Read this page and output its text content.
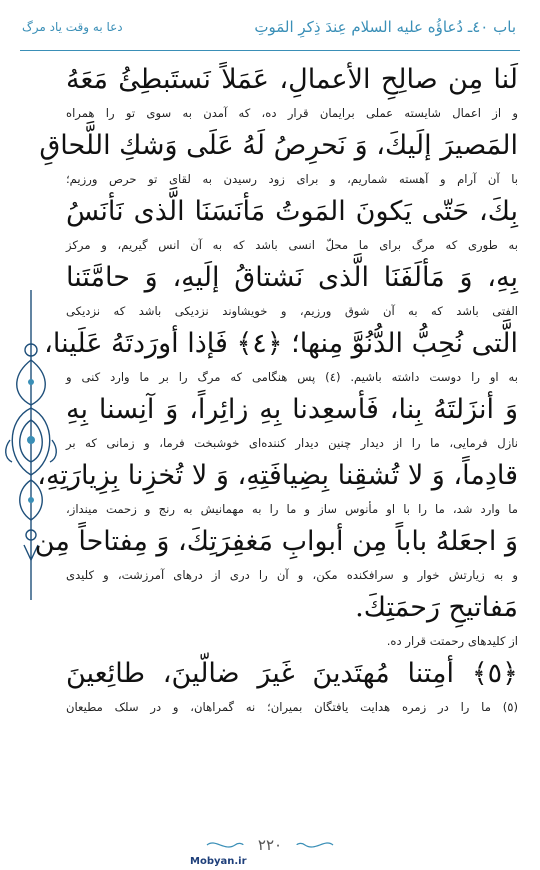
باب ٤٠ـ دُعاؤُه عليه السلام عِندَ ذِكرِ المَوتِ
دعا به وقت یاد مرگ
لَنا مِن صالِحِ الأعمالِ، عَمَلاً نَستَبطِئُ مَعَهُ
و از اعمال شایسته عملی برایمان قرار ده، که آمدن به سوی تو را همراه
المَصيرَ إلَيكَ، وَ نَحرِصُ لَهُ عَلَى وَشكِ اللَّحاقِ
با آن آرام و آهسته شماریم، و برای زود رسیدن به لقای تو حرص ورزیم؛
بِكَ، حَتّى يَكونَ المَوتُ مَأنَسَنَا الَّذى نَأنَسُ
به طوری که مرگ برای ما محلّ انسی باشد که به آن انس گیریم، و مرکز
بِهِ، وَ مَألَفَنَا الَّذى نَشتاقُ إلَيهِ، وَ حامَّتَنا
الفتی باشد که به آن شوق ورزیم، و خویشاوند نزدیکی باشد که نزدیکی
الَّتى نُحِبُّ الدُّنُوَّ مِنها؛ ﴿٤﴾ فَإذا أورَدتَهُ عَلَينا،
به او را دوست داشته باشیم. (٤) پس هنگامی که مرگ را بر ما وارد کنی و
وَ أنزَلتَهُ بِنا، فَأسعِدنا بِهِ زائِراً، وَ آنِسنا بِهِ
نازل فرمایی، ما را از دیدار چنین دیدار کننده‌ای خوشبخت فرما، و زمانی که بر
قادِماً، وَ لا تُشقِنا بِضِيافَتِهِ، وَ لا تُخزِنا بِزِيارَتِهِ،
ما وارد شد، ما را با او مأنوس ساز و ما را به مهمانیش به رنج و زحمت مینداز،
وَ اجعَلهُ باباً مِن أبوابِ مَغفِرَتِكَ، وَ مِفتاحاً مِن
و به زیارتش خوار و سرافکنده مکن، و آن را دری از درهای آمرزشت، و کلیدی
مَفاتيحِ رَحمَتِكَ.
از کلیدهای رحمتت قرار ده.
﴿٥﴾ أمِتنا مُهتَدينَ غَيرَ ضالّينَ، طائِعينَ
(٥) ما را در زمره هدایت یافتگان بمیران؛ نه گمراهان، و در سلک مطیعان
٢٢٠
Mobyan.ir
